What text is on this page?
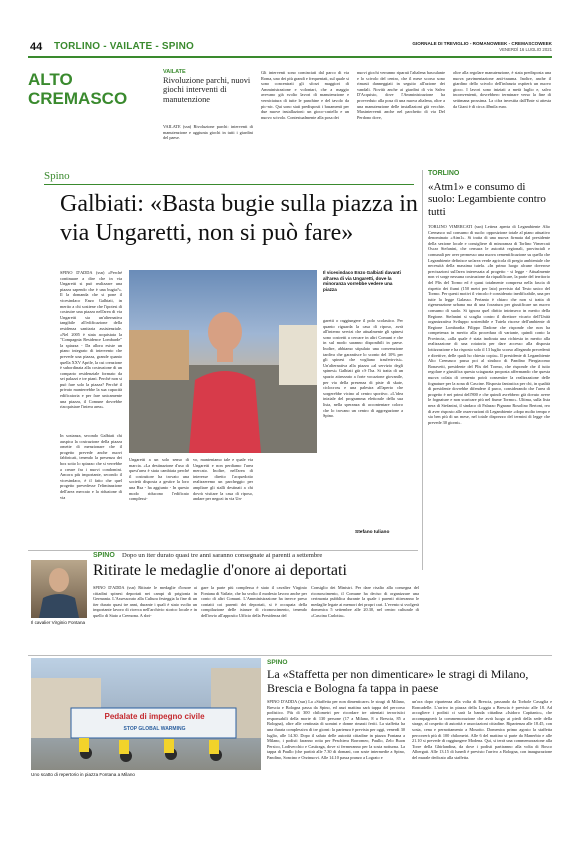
44 TORLINO - VAILATE - SPINO	GIORNALE DI TREVIGLIO - ROMANOWEEK - CREMASCOWEEK
VENERDÌ 16 LUGLIO 2021
ALTO
CREMASCO
VAILATE
Rivoluzione parchi, nuovi giochi interventi di manutenzione
VAILATE (ssn) Rivoluzione parchi: interventi di manutenzione e aggiunta giochi in tutti i giardini del paese.
Gli interventi sono cominciati dal parco di via Roma, uno dei più grandi e frequentati, sul quale si sono concentrati gli sforzi maggiori di Amministrazione e volontari, che a maggio avevano già svolto lavori di manutenzione e verniciatura di tutte le panchine e del tavolo da pic-nic. Qui sono stati predisposti i basamenti per due nuove installazioni: un gioco-castello e un nuovo scivolo. Contestualmente alla posa dei
nuovi giochi verranno riparati l'altalena basculante e lo scivolo del centro, che il mese scorso sono rimasti danneggiati in seguito all'azione dei vandali. Novità anche ai giardini di via Salvo D'Acquisto, dove l'Amministrazione ha provveduto alla posa di una nuova altalena, oltre a una manutenzione delle installazioni già vecchie. Maxinterventi anche nel parchetto di via Del Perdono dove,
oltre alla regolare manutenzione, è stata predisposta una nuova pavimentazione anti-trauma. Inoltre, anche il giardino dello scivolo dell'infanzia ospiterà un nuovo gioco. I lavori sono iniziati a metà luglio e, salvo inconvenienti, dovrebbero terminare verso la fine di settimana prossima. La cifra investita dall'Ente si attesta da Giani è di circa 40mila euro.
Spino
Galbiati: «Basta bugie sulla piazza in via Ungaretti, non si può fare»
SPINO D'ADDA (ssn) «Perché continuare a dire che in via Ungaretti si può realizzare una piazza sapendo che è una bugia?». Il la domanda che si pone il vicesindaco Enzo Galbiati, in merito a chi sostiene che l'ipotesi di costruire una piazza nell'area di via Ungaretti sia un'alternativa tangibile all'edificazione della residenza sanitaria assistenziale. «Nel 2005 è stata acquistata la "Compagnia Residence Lombarde" la spiazza - Da allora esiste un piano integrato di intervento che prevede una piazza, grande quanto quella XXV Aprile, la cui creazione è subordinata alla costruzione di un comparto residenziale formato da sei palazzi e tre piani. Perché non si può fare solo la piazza? Perché il privato manterrebbe la sua capacità edificatoria e per fare unicamente una piazza, il Comune dovrebbe riacquistare l'intera area».
In sostanza, secondo Galbiati chi auspica la costruzione della piazza omette di menzionare che il progetto prevede anche nuovi fabbricati, tenendo la presenza dei box sotto lo spiazzo che si verrebbe a creare fra i nuovi condomini. Ancora più importante, secondo il vicesindaco, è il fatto che quel progetto prevedesse l'eliminazione dell'area mercato e la riduzione di via
Il vicesindaco Enzo Galbiati davanti all'area di via Ungaretti, dove la minoranza vorrebbe vedere una piazza
Ungaretti a un solo senso di marcia. «La destinazione d'uso di quest'area è stata cambiata perché il costruttore ha trovato una società disposta a gestire la loro una Rsa - ha aggiunto - In questo modo riducono l'edificato complessi-
vo, manteniamo tale e quale via Ungaretti e non perdiamo l'area mercato. Inoltre, nell'area di interesse diretto l'acquedotto realizzeremo un parcheggio per ampliare gli stalli destinati a chi dovrà visitare la casa di riposo, andare per negozi in via Un-
garetti o raggiungere il polo scolastico. Per quanto riguarda la casa di riposo, avrà all'interno servizi che attualmente gli spinesi sono costretti a cercare in altri Comuni e che in sul modo saranno disponibili in paese. Inoltre, abbiamo stipulato una convenzione tardiva che garantisce lo sconto del 10% per gli spinesi che vogliano trasferirvisi». Un'alternativa alla piazza «al servizio degli spinesi» Galbiati già c'è l'ha. Si tratta di un spazio attrezzato a forte vocazione giovanile, per via della presenza di piste di skate, ciclocross e una palestra all'aperto che sorgerebbe vicino al centro sportivo. «L'idea iniziale del programma elettorale della sua lista, nella speranza di accontentare coloro che lo trovano un centro di aggregazione a Spino.
Stefano Iuliano
TORLINO
«Atm1» e consumo di suolo: Legambiente contro tutti
TORLINO VIMERCATI (ssn) Lettera aperta di Legambiente Alto Cremasco sul consumo di suolo: opposizione totale al piano attuativo denominato «Atm1». Si tratta di una nuova firmata dal presidente della sezione locale e consigliere di minoranza di Torlino Vimercati Oscar Stefanini, che censura le autorità regionali, provinciali e comunali per aver permesso una nuova cementificazione su quella che Legambiente definisce un'area verde agricola di pregio ambientale che necessità della massima tutela. «In primo luogo alcune doverose precisazioni sull'area interessata al progetto - si legge - Attualmente non vi sorge nessuna costruzione da riqualificare, la parte del territorio del Plis del Tormo ed è quasi totalmente compresa nella fascia di rispetto dei fiumi (150 metri per lato) previsto dal Testo unico del Tormo. Per questi motivi il vincolo è considerato inedificabile, una per tutte la legge Galasso. Pertanto è chiaro che non si tratta di rigenerazione urbana ma di una forzatura per giustificare un nuovo consumo di suolo. Si ignora quel diritto intrinseco in merito della Regione. Stefanini si scaglia contro il direttore vicario dell'Unità organizzativa Sviluppo sostenibile e Tutela risorse dell'ambiente di Regione Lombardia Filippo Dadone che risponde che non ha competenza in merito alla procedura di variante, quindi conto la Provincia, «alla quale è stata inoltrata una richiesta in merito alla realizzazione di una rotatoria per dare accesso alla disposta lottizzazione e ha risposto solo il 13 luglio scorso allegando precedenti e direttive, delle quali ho chiesto copia». Il presidente di Legambiente Alto Cremasco passa poi al sindaco di Pandino Piergiacomo Bonavetti, presidente del Plis del Tormo, che risponde che il tutto regolare e giustifica questa sciagurata proposta affermando che questa nuova colata di cemento potrà consentire la realizzazione delle fognature per la zona di Cascine. Risposta fantastica per chi, in qualità di presidente dovrebbe difendere il parco, considerando che l'area di progetto è nei primi dell'800 e che quindi avrebbero già dovuto avere le fognature e non scaricare più nel fiume Tormo». Ultima, sulla lista nera di Stefanini, il sindaco di Palazzo Pignano Rosolino Bertoni, reo di aver risposto alle osservazioni di Legambiente «dopo molto tempo e sia ben più di un mese, nel totale disprezzo del termini di legge che prevede 30 giorni».
SPINO Dopo un iter durato quasi tre anni saranno consegnate ai parenti a settembre
Ritirate le medaglie d'onore ai deportati
Il cavalier Virginio Fontana
SPINO D'ADDA (ssn) Ritirate le medaglie d'onore ai cittadini spinesi deportati nei campi di prigionia in Germania. L'Assessorato alla Cultura festeggia la fine di un iter durato quasi tre anni, durante i quali è stato svolto un importante lavoro di ricerca nell'archivio storico locale e in quello di Stato a Cremona. A sbri-
gare la parte più complessa è stato il cavalier Virginio Fontana di Vailate, che ha svolto il modesto lavoro anche per conto di altri Comuni. L'Amministrazione ha invece preso contatti coi parenti dei deportati, si è occupata della compilazione delle istanze di riconoscimento, tenendo dell'invio all'apposito Ufficio della Presidenza del
Consiglio dei Ministri. Per dare risalto alla consegna del riconoscimento, il Comune ha deciso di organizzare una cerimonia pubblica durante la quale i parenti ritireranno le medaglie legate ai memori dei propri cari. L'evento si svolgerà domenica 5 settembre alle 20.30, nel centro culturale di «Cascina Carlotta».
Pedalate di impegno civile
STOP GLOBAL WARMING
Uno scatto di repertorio in piazza Fontana a Milano
SPINO
La «Staffetta per non dimenticare» le stragi di Milano, Brescia e Bologna fa tappa in paese
SPINO D'ADDA (ssn) La «Staffetta per non dimenticare» le stragi di Milano, Brescia e Bologna passa da Spino, ed anzi mattina sarà tappa del percorso podistico. Più di 300 chilometri per ricordare tre attentati terroristici responsabili della morte di 130 persone (17 a Milano, 8 a Brescia, 85 a Bologna), oltre alle centinaia di uomini e donne rimasti feriti. La staffetta ha una durata complessiva di tre giorni: la partenza è prevista per oggi, venerdì 30 luglio, alle 14.30. Dopo il saluto delle autorità cittadine in piazza Fontana a Milano, i podisti faranno rotta per Peschiera Borromeo, Paullo, Zelo Buon Persico, Lodivecchio e Castiraga, dove si fermeranno per la sosta notturna. La tappa di Paullo (che partirà alle 7.30 di domani, con soste intermedie a Spino, Pandino, Soncino e Orzinuovi. Alle 14.10 passa pranzo a Lograto e
un'ora dopo ripartenza alla volta di Brescia, passando da Torbole Casaglia e Roncadelle. L'arrivo in piazza della Loggia a Brescia è previsto alle 18. Ad accogliere i podisti ci sarà la banda cittadina «Isidoro Capitanio», che accompagnerà la commemorazione che avrà luogo ai piedi della sede della strage, al cospetto di autorità e associazioni cittadine. Ripartenza alle 18.45, con sosta, cena e pernottamento a Mosotto. Domenica primo agosto la staffetta percorrerà più di 100 chilometri. Alle 6 del mattino si parte da Manerbio e alle 21.10 si prevede di raggiungere Modena. Qui, si terrà una commemorazione alla Torre della Ghirlandina, da dove i podisti partiranno alla volta di Bosco Albergati. Alle 13.15 di lunedì è previsto l'arrivo a Bologna, con inaugurazione del murale dedicato alla staffetta.
